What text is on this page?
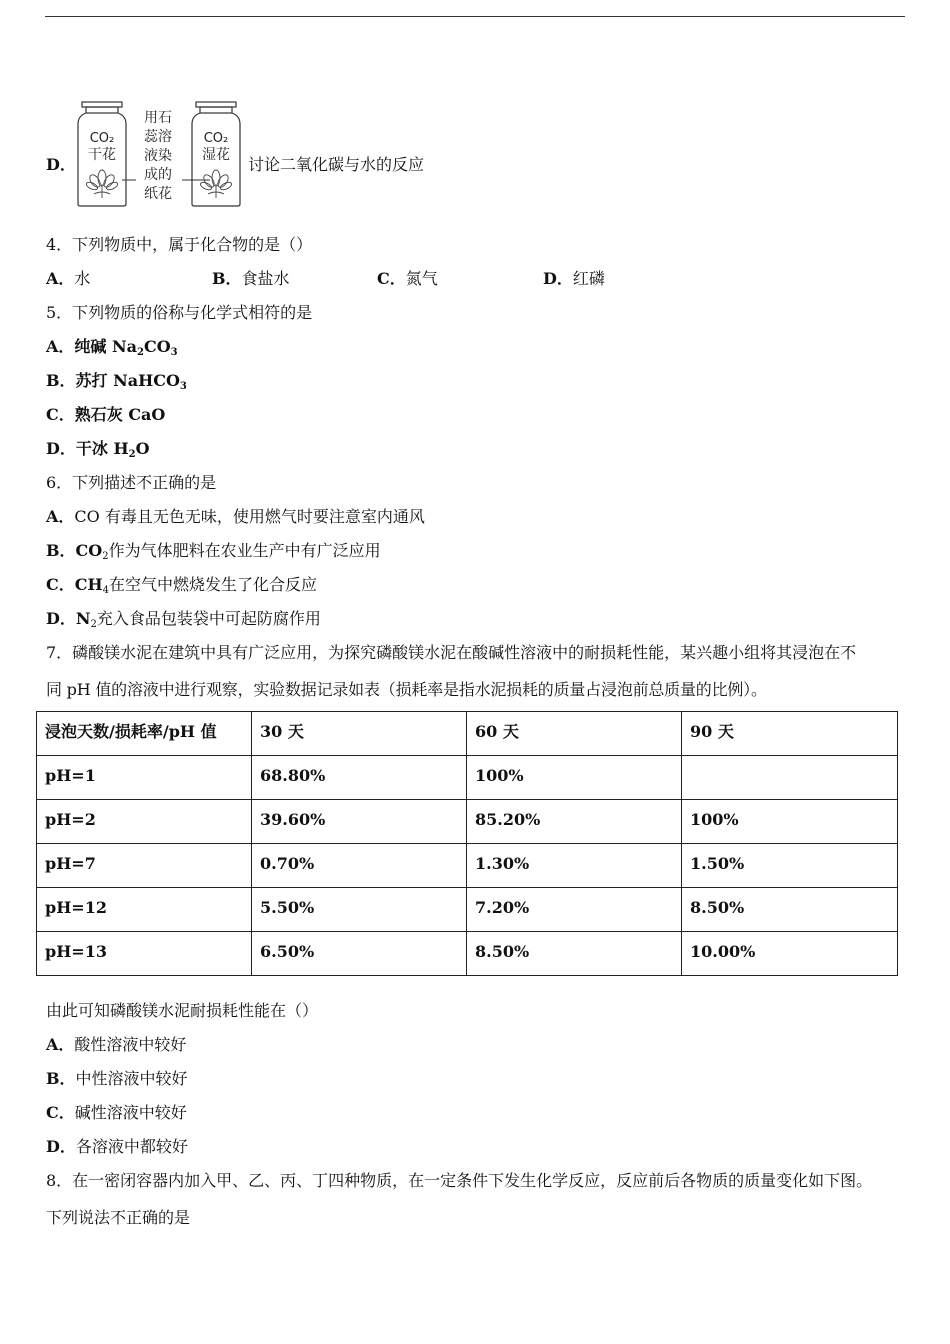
D．
CO₂
干花
用石
蕊溶
液染
成的
纸花
CO₂
湿花 讨论二氧化碳与水的反应
4．下列物质中，属于化合物的是（）
A．水	B．食盐水	C．氮气	D．红磷
5．下列物质的俗称与化学式相符的是
A．纯碱 $Na_2CO_3$
B．苏打 NaHCO$_3$
C．熟石灰 CaO
D．干冰 $H_2O$
6．下列描述不正确的是
A．CO 有毒且无色无味，使用燃气时要注意室内通风
B．$CO_2$作为气体肥料在农业生产中有广泛应用
C．$CH_4$在空气中燃烧发生了化合反应
D．$N_2$充入食品包装袋中可起防腐作用
7．磷酸镁水泥在建筑中具有广泛应用，为探究磷酸镁水泥在酸碱性溶液中的耐损耗性能，某兴趣小组将其浸泡在不
同 pH 值的溶液中进行观察，实验数据记录如表（损耗率是指水泥损耗的质量占浸泡前总质量的比例）。
浸泡天数/损耗率/pH 值	30 天	60 天	90 天
pH=1	68.80%	100%	
pH=2	39.60%	85.20%	100%
pH=7	0.70%	1.30%	1.50%
pH=12	5.50%	7.20%	8.50%
pH=13	6.50%	8.50%	10.00%
由此可知磷酸镁水泥耐损耗性能在（）
A．酸性溶液中较好
B．中性溶液中较好
C．碱性溶液中较好
D．各溶液中都较好
8．在一密闭容器内加入甲、乙、丙、丁四种物质，在一定条件下发生化学反应，反应前后各物质的质量变化如下图。
下列说法不正确的是
